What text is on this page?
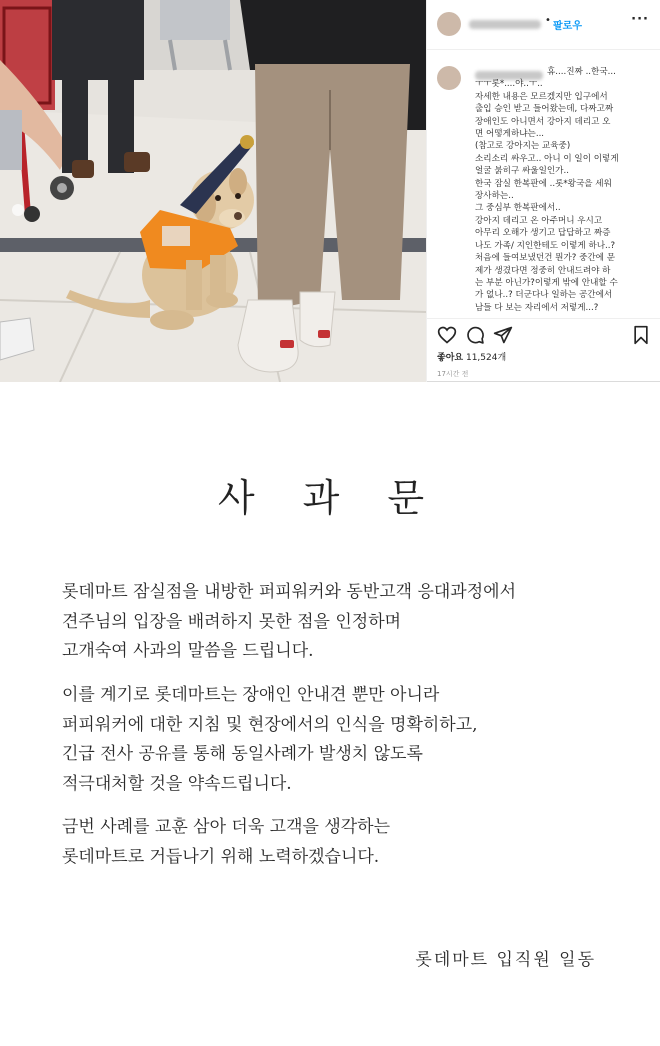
•
팔로우	···
휴....진짜 ..한국...
ㅜㅜ롯*....야..ㅜ..
자세한 내용은 모르겠지만 입구에서
출입 승인 받고 들어왔는데, 다짜고짜
장애인도 아니면서 강아지 데리고 오
면 어떻게하냐는...
(참고로 강아지는 교육중)
소리소리 싸우고.. 아니 이 일이 이렇게
얼굴 붉히구 싸울일인가..
한국 잠실 한복판에 ..롯*왕국을 세워
장사하는..
그 중심부 한복판에서..
강아지 데리고 온 아주머니 우시고
아무리 오해가 생기고 답답하고 짜증
나도 가족/ 지인한테도 이렇게 하나..?
처음에 들여보냈던건 뭔가? 중간에 문
제가 생겼다면 정중히 안내드려야 하
는 부분 아닌가?이렇게 밖에 안내할 수
가 없나..? 더군다나 일하는 공간에서
남들 다 보는 자리에서 저렇게...?
좋아요 11,524개
17시간 전
사 과 문
롯데마트 잠실점을 내방한 퍼피워커와 동반고객 응대과정에서
견주님의 입장을 배려하지 못한 점을 인정하며
고개숙여 사과의 말씀을 드립니다.
이를 계기로 롯데마트는 장애인 안내견 뿐만 아니라
퍼피워커에 대한 지침 및 현장에서의 인식을 명확히하고,
긴급 전사 공유를 통해 동일사례가 발생치 않도록
적극대처할 것을 약속드립니다.
금번 사례를 교훈 삼아 더욱 고객을 생각하는
롯데마트로 거듭나기 위해 노력하겠습니다.
롯데마트 입직원 일동
